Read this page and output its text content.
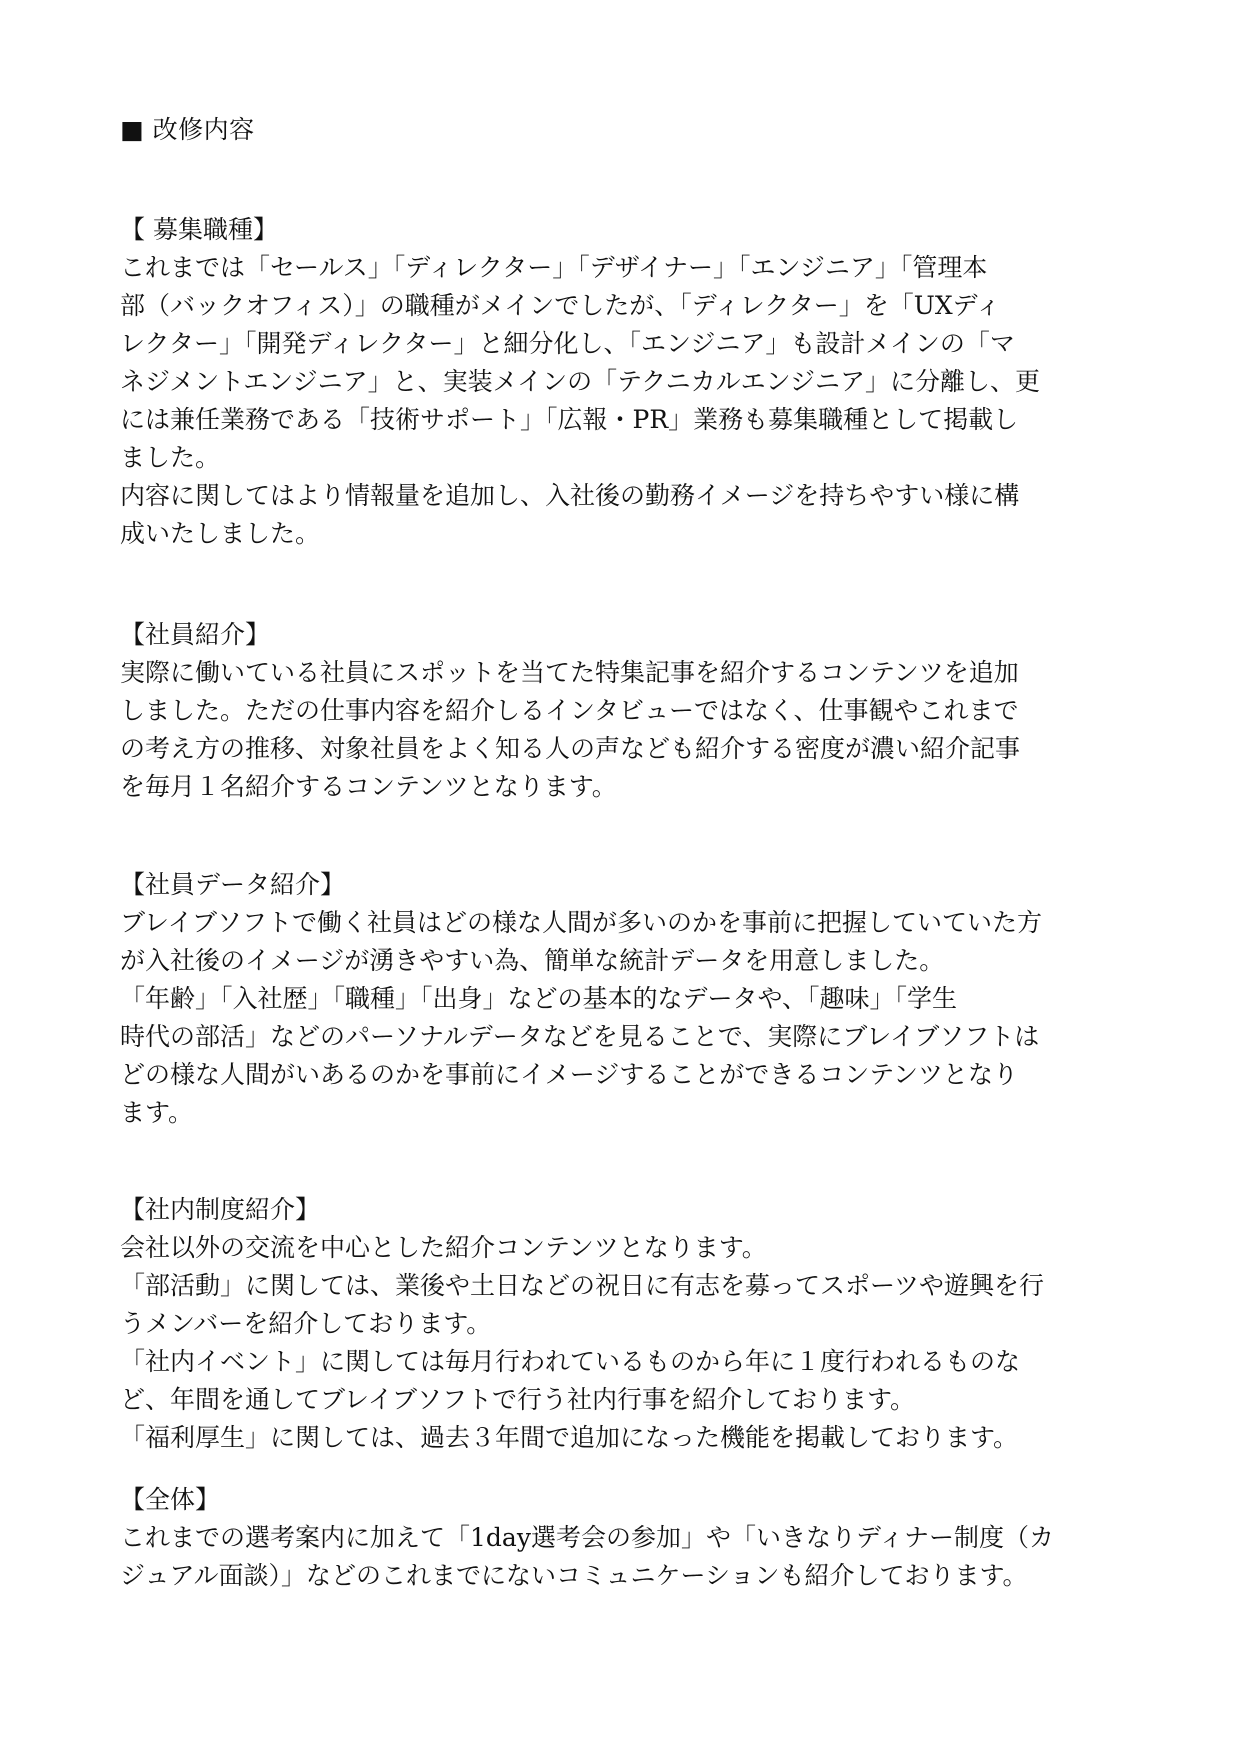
■ 改修内容
【 募集職種】
これまでは「セールス」「ディレクター」「デザイナー」「エンジニア」「管理本
部（バックオフィス）」の職種がメインでしたが、「ディレクター」を「UXディ
レクター」「開発ディレクター」と細分化し、「エンジニア」も設計メインの「マ
ネジメントエンジニア」と、実装メインの「テクニカルエンジニア」に分離し、更
には兼任業務である「技術サポート」「広報・PR」業務も募集職種として掲載し
ました。
内容に関してはより情報量を追加し、入社後の勤務イメージを持ちやすい様に構
成いたしました。
【社員紹介】
実際に働いている社員にスポットを当てた特集記事を紹介するコンテンツを追加
しました。ただの仕事内容を紹介しるインタビューではなく、仕事観やこれまで
の考え方の推移、対象社員をよく知る人の声なども紹介する密度が濃い紹介記事
を毎月１名紹介するコンテンツとなります。
【社員データ紹介】
ブレイブソフトで働く社員はどの様な人間が多いのかを事前に把握していていた方
が入社後のイメージが湧きやすい為、簡単な統計データを用意しました。
「年齢」「入社歴」「職種」「出身」などの基本的なデータや、「趣味」「学生
時代の部活」などのパーソナルデータなどを見ることで、実際にブレイブソフトは
どの様な人間がいあるのかを事前にイメージすることができるコンテンツとなり
ます。
【社内制度紹介】
会社以外の交流を中心とした紹介コンテンツとなります。
「部活動」に関しては、業後や土日などの祝日に有志を募ってスポーツや遊興を行
うメンバーを紹介しております。
「社内イベント」に関しては毎月行われているものから年に１度行われるものな
ど、年間を通してブレイブソフトで行う社内行事を紹介しております。
「福利厚生」に関しては、過去３年間で追加になった機能を掲載しております。
【全体】
これまでの選考案内に加えて「1day選考会の参加」や「いきなりディナー制度（カ
ジュアル面談）」などのこれまでにないコミュニケーションも紹介しております。
